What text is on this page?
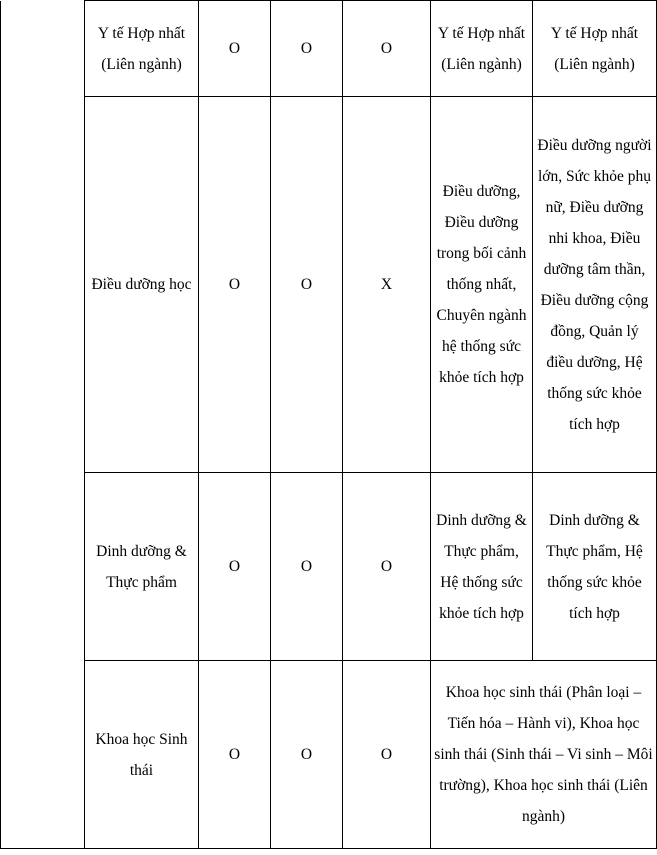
	Y tế Hợp nhất (Liên ngành)	O	O	O	Y tế Hợp nhất (Liên ngành)	Y tế Hợp nhất (Liên ngành)
	Điều dưỡng học	O	O	X	Điều dưỡng, Điều dưỡng trong bối cảnh thống nhất, Chuyên ngành hệ thống sức khỏe tích hợp	Điều dưỡng người lớn, Sức khỏe phụ nữ, Điều dưỡng nhi khoa, Điều dưỡng tâm thần, Điều dưỡng cộng đồng, Quản lý điều dưỡng, Hệ thống sức khỏe tích hợp
	Dinh dưỡng & Thực phẩm	O	O	O	Dinh dưỡng & Thực phẩm, Hệ thống sức khỏe tích hợp	Dinh dưỡng & Thực phẩm, Hệ thống sức khỏe tích hợp
	Khoa học Sinh thái	O	O	O	Khoa học sinh thái (Phân loại – Tiến hóa – Hành vi), Khoa học sinh thái (Sinh thái – Vi sinh – Môi trường), Khoa học sinh thái (Liên ngành)	
